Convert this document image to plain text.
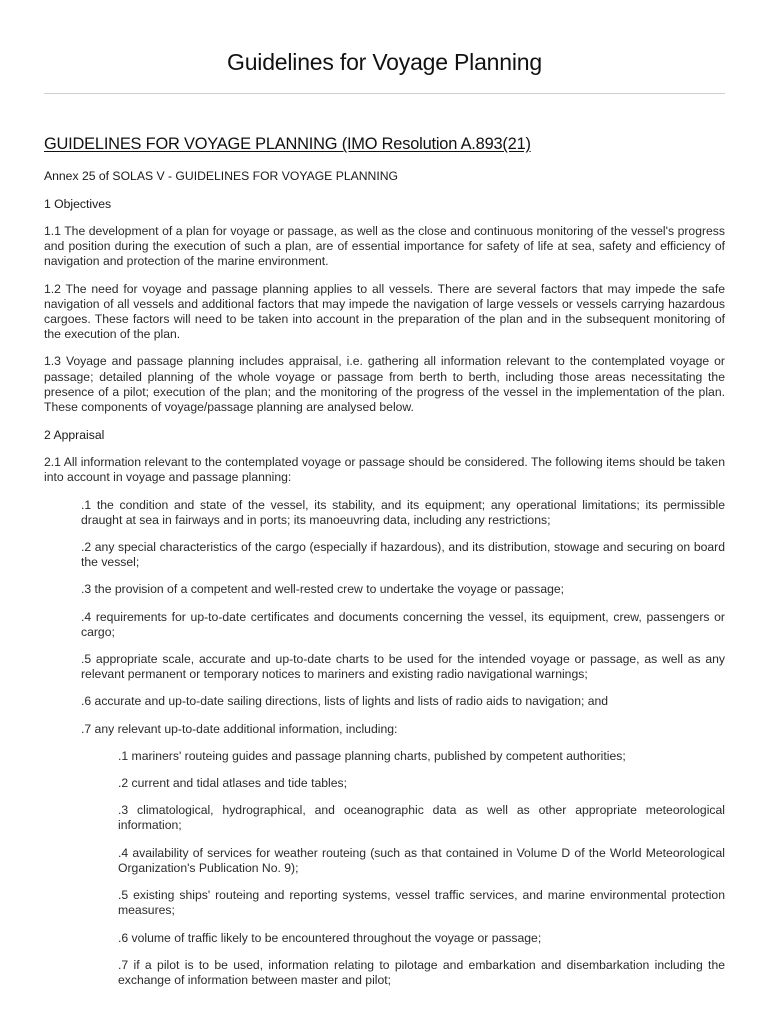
Guidelines for Voyage Planning
GUIDELINES FOR VOYAGE PLANNING (IMO Resolution A.893(21)

Annex 25 of SOLAS V - GUIDELINES FOR VOYAGE PLANNING

1 Objectives

1.1 The development of a plan for voyage or passage, as well as the close and continuous monitoring of the vessel's progress and position during the execution of such a plan, are of essential importance for safety of life at sea, safety and efficiency of navigation and protection of the marine environment.

1.2 The need for voyage and passage planning applies to all vessels. There are several factors that may impede the safe navigation of all vessels and additional factors that may impede the navigation of large vessels or vessels carrying hazardous cargoes. These factors will need to be taken into account in the preparation of the plan and in the subsequent monitoring of the execution of the plan.

1.3 Voyage and passage planning includes appraisal, i.e. gathering all information relevant to the contemplated voyage or passage; detailed planning of the whole voyage or passage from berth to berth, including those areas necessitating the presence of a pilot; execution of the plan; and the monitoring of the progress of the vessel in the implementation of the plan. These components of voyage/passage planning are analysed below.

2 Appraisal

2.1 All information relevant to the contemplated voyage or passage should be considered. The following items should be taken into account in voyage and passage planning:

.1 the condition and state of the vessel, its stability, and its equipment; any operational limitations; its permissible draught at sea in fairways and in ports; its manoeuvring data, including any restrictions;

.2 any special characteristics of the cargo (especially if hazardous), and its distribution, stowage and securing on board the vessel;

.3 the provision of a competent and well-rested crew to undertake the voyage or passage;

.4 requirements for up-to-date certificates and documents concerning the vessel, its equipment, crew, passengers or cargo;

.5 appropriate scale, accurate and up-to-date charts to be used for the intended voyage or passage, as well as any relevant permanent or temporary notices to mariners and existing radio navigational warnings;

.6 accurate and up-to-date sailing directions, lists of lights and lists of radio aids to navigation; and

.7 any relevant up-to-date additional information, including:

.1 mariners' routeing guides and passage planning charts, published by competent authorities;

.2 current and tidal atlases and tide tables;

.3 climatological, hydrographical, and oceanographic data as well as other appropriate meteorological information;

.4 availability of services for weather routeing (such as that contained in Volume D of the World Meteorological Organization's Publication No. 9);

.5 existing ships' routeing and reporting systems, vessel traffic services, and marine environmental protection measures;

.6 volume of traffic likely to be encountered throughout the voyage or passage;

.7 if a pilot is to be used, information relating to pilotage and embarkation and disembarkation including the exchange of information between master and pilot;
